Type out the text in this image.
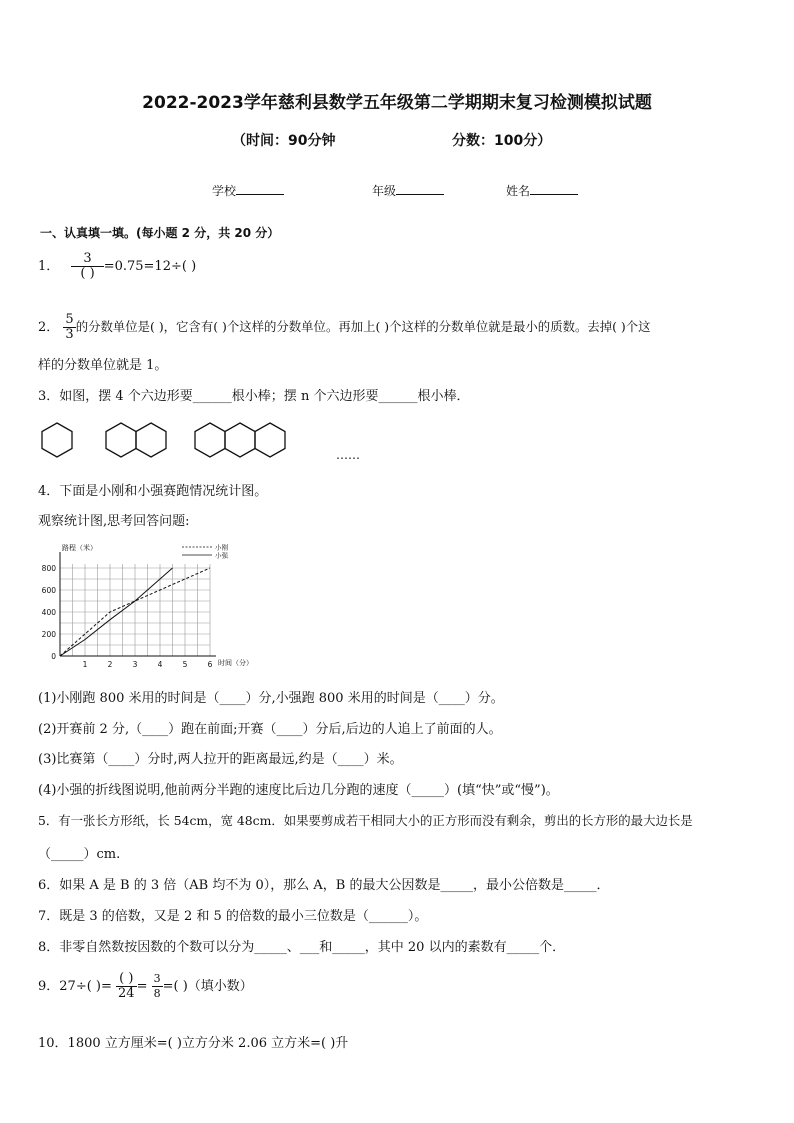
2022-2023学年慈利县数学五年级第二学期期末复习检测模拟试题
（时间：90分钟	分数：100分）
学校	年级	姓名
一、认真填一填。(每小题 2 分，共 20 分）
1． $\frac{3}{( )} =0.75=12\div$( )
2． $\frac{5}{3}$ 的分数单位是( )，它含有( )个这样的分数单位。再加上( )个这样的分数单位就是最小的质数。去掉( )个这
样的分数单位就是 1。
3．如图，摆 4 个六边形要______根小棒；摆 n 个六边形要______根小棒．
……
4．下面是小刚和小强赛跑情况统计图。
观察统计图,思考回答问题:
路程（米）
时间（分）
1	2	3	4	5	6
0
200
400
600
800
小刚
小强
(1)小刚跑 800 米用的时间是（____）分,小强跑 800 米用的时间是（____）分。
(2)开赛前 2 分,（____）跑在前面;开赛（____）分后,后边的人追上了前面的人。
(3)比赛第（____）分时,两人拉开的距离最远,约是（____）米。
(4)小强的折线图说明,他前两分半跑的速度比后边几分跑的速度（_____）(填“快”或“慢”)。
5．有一张长方形纸，长 54cm，宽 48cm．如果要剪成若干相同大小的正方形而没有剩余，剪出的长方形的最大边长是
（_____）cm.
6．如果 A 是 B 的 3 倍（AB 均不为 0），那么 A，B 的最大公因数是_____，最小公倍数是_____．
7．既是 3 的倍数，又是 2 和 5 的倍数的最小三位数是（______）。
8．非零自然数按因数的个数可以分为_____、___和_____，其中 20 以内的素数有_____个．
9．27÷( )= $\frac{( )}{24} = \frac{3}{8}$ =( )（填小数）
10．1800 立方厘米=( )立方分米 2.06 立方米=( )升
